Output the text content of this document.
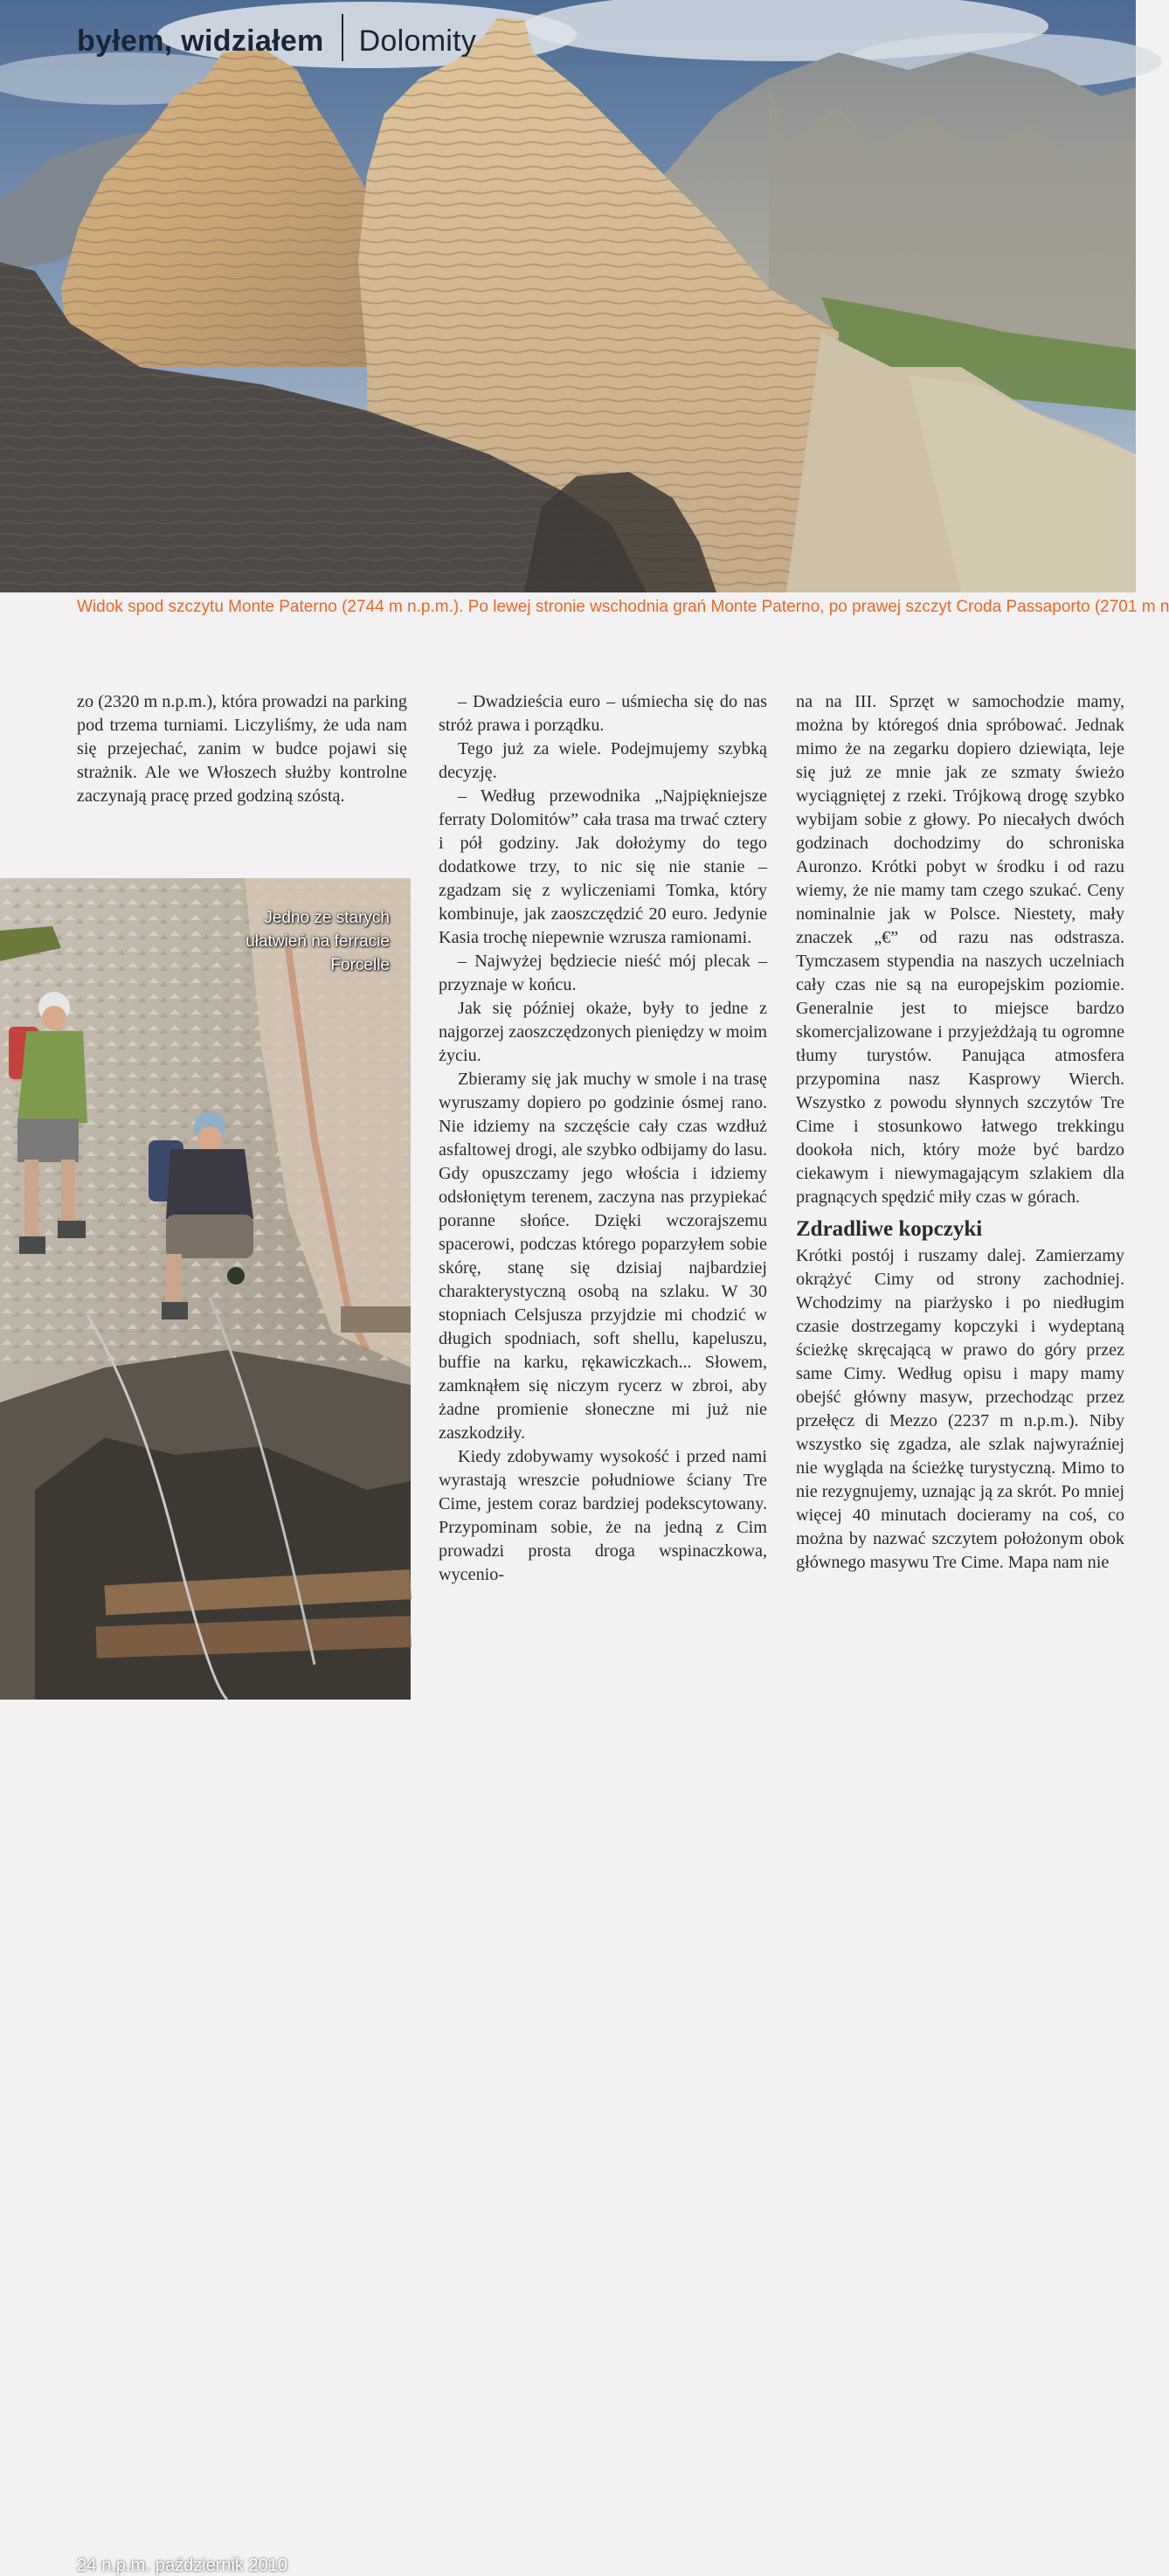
byłem, widziałem Dolomity
Widok spod szczytu Monte Paterno (2744 m n.p.m.). Po lewej stronie wschodnia grań Monte Paterno, po prawej szczyt Croda Passaporto (2701 m n

zo (2320 m n.p.m.), która prowadzi na parking pod trzema turniami. Liczyliśmy, że uda nam się przejechać, zanim w budce pojawi się strażnik. Ale we Włoszech służby kontrolne zaczynają pracę przed godziną szóstą.

Jedno ze starych ułatwień na ferracie Forcelle
24 n.p.m. październik 2010

– Dwadzieścia euro – uśmiecha się do nas stróż prawa i porządku.

Tego już za wiele. Podejmujemy szybką decyzję.

– Według przewodnika „Najpiękniejsze ferraty Dolomitów” cała trasa ma trwać cztery i pół godziny. Jak dołożymy do tego dodatkowe trzy, to nic się nie stanie – zgadzam się z wyliczeniami Tomka, który kombinuje, jak zaoszczędzić 20 euro. Jedynie Kasia trochę niepewnie wzrusza ramionami.

– Najwyżej będziecie nieść mój plecak – przyznaje w końcu.

Jak się później okaże, były to jedne z najgorzej zaoszczędzonych pieniędzy w moim życiu.

Zbieramy się jak muchy w smole i na trasę wyruszamy dopiero po godzinie ósmej rano. Nie idziemy na szczęście cały czas wzdłuż asfaltowej drogi, ale szybko odbijamy do lasu. Gdy opuszczamy jego włościa i idziemy odsłoniętym terenem, zaczyna nas przypiekać poranne słońce. Dzięki wczorajszemu spacerowi, podczas którego poparzyłem sobie skórę, stanę się dzisiaj najbardziej charakterystyczną osobą na szlaku. W 30 stopniach Celsjusza przyjdzie mi chodzić w długich spodniach, soft shellu, kapeluszu, buffie na karku, rękawiczkach... Słowem, zamknąłem się niczym rycerz w zbroi, aby żadne promienie słoneczne mi już nie zaszkodziły.

Kiedy zdobywamy wysokość i przed nami wyrastają wreszcie południowe ściany Tre Cime, jestem coraz bardziej podekscytowany. Przypominam sobie, że na jedną z Cim prowadzi prosta droga wspinaczkowa, wycenio-

na na III. Sprzęt w samochodzie mamy, można by któregoś dnia spróbować. Jednak mimo że na zegarku dopiero dziewiąta, leje się już ze mnie jak ze szmaty świeżo wyciągniętej z rzeki. Trójkową drogę szybko wybijam sobie z głowy. Po niecałych dwóch godzinach dochodzimy do schroniska Auronzo. Krótki pobyt w środku i od razu wiemy, że nie mamy tam czego szukać. Ceny nominalnie jak w Polsce. Niestety, mały znaczek „€” od razu nas odstrasza. Tymczasem stypendia na naszych uczelniach cały czas nie są na europejskim poziomie. Generalnie jest to miejsce bardzo skomercjalizowane i przyjeżdżają tu ogromne tłumy turystów. Panująca atmosfera przypomina nasz Kasprowy Wierch. Wszystko z powodu słynnych szczytów Tre Cime i stosunkowo łatwego trekkingu dookoła nich, który może być bardzo ciekawym i niewymagającym szlakiem dla pragnących spędzić miły czas w górach.

Zdradliwe kopczyki

Krótki postój i ruszamy dalej. Zamierzamy okrążyć Cimy od strony zachodniej. Wchodzimy na piarżysko i po niedługim czasie dostrzegamy kopczyki i wydeptaną ścieżkę skręcającą w prawo do góry przez same Cimy. Według opisu i mapy mamy obejść główny masyw, przechodząc przez przełęcz di Mezzo (2237 m n.p.m.). Niby wszystko się zgadza, ale szlak najwyraźniej nie wygląda na ścieżkę turystyczną. Mimo to nie rezygnujemy, uznając ją za skrót. Po mniej więcej 40 minutach docieramy na coś, co można by nazwać szczytem położonym obok głównego masywu Tre Cime. Mapa nam nie
